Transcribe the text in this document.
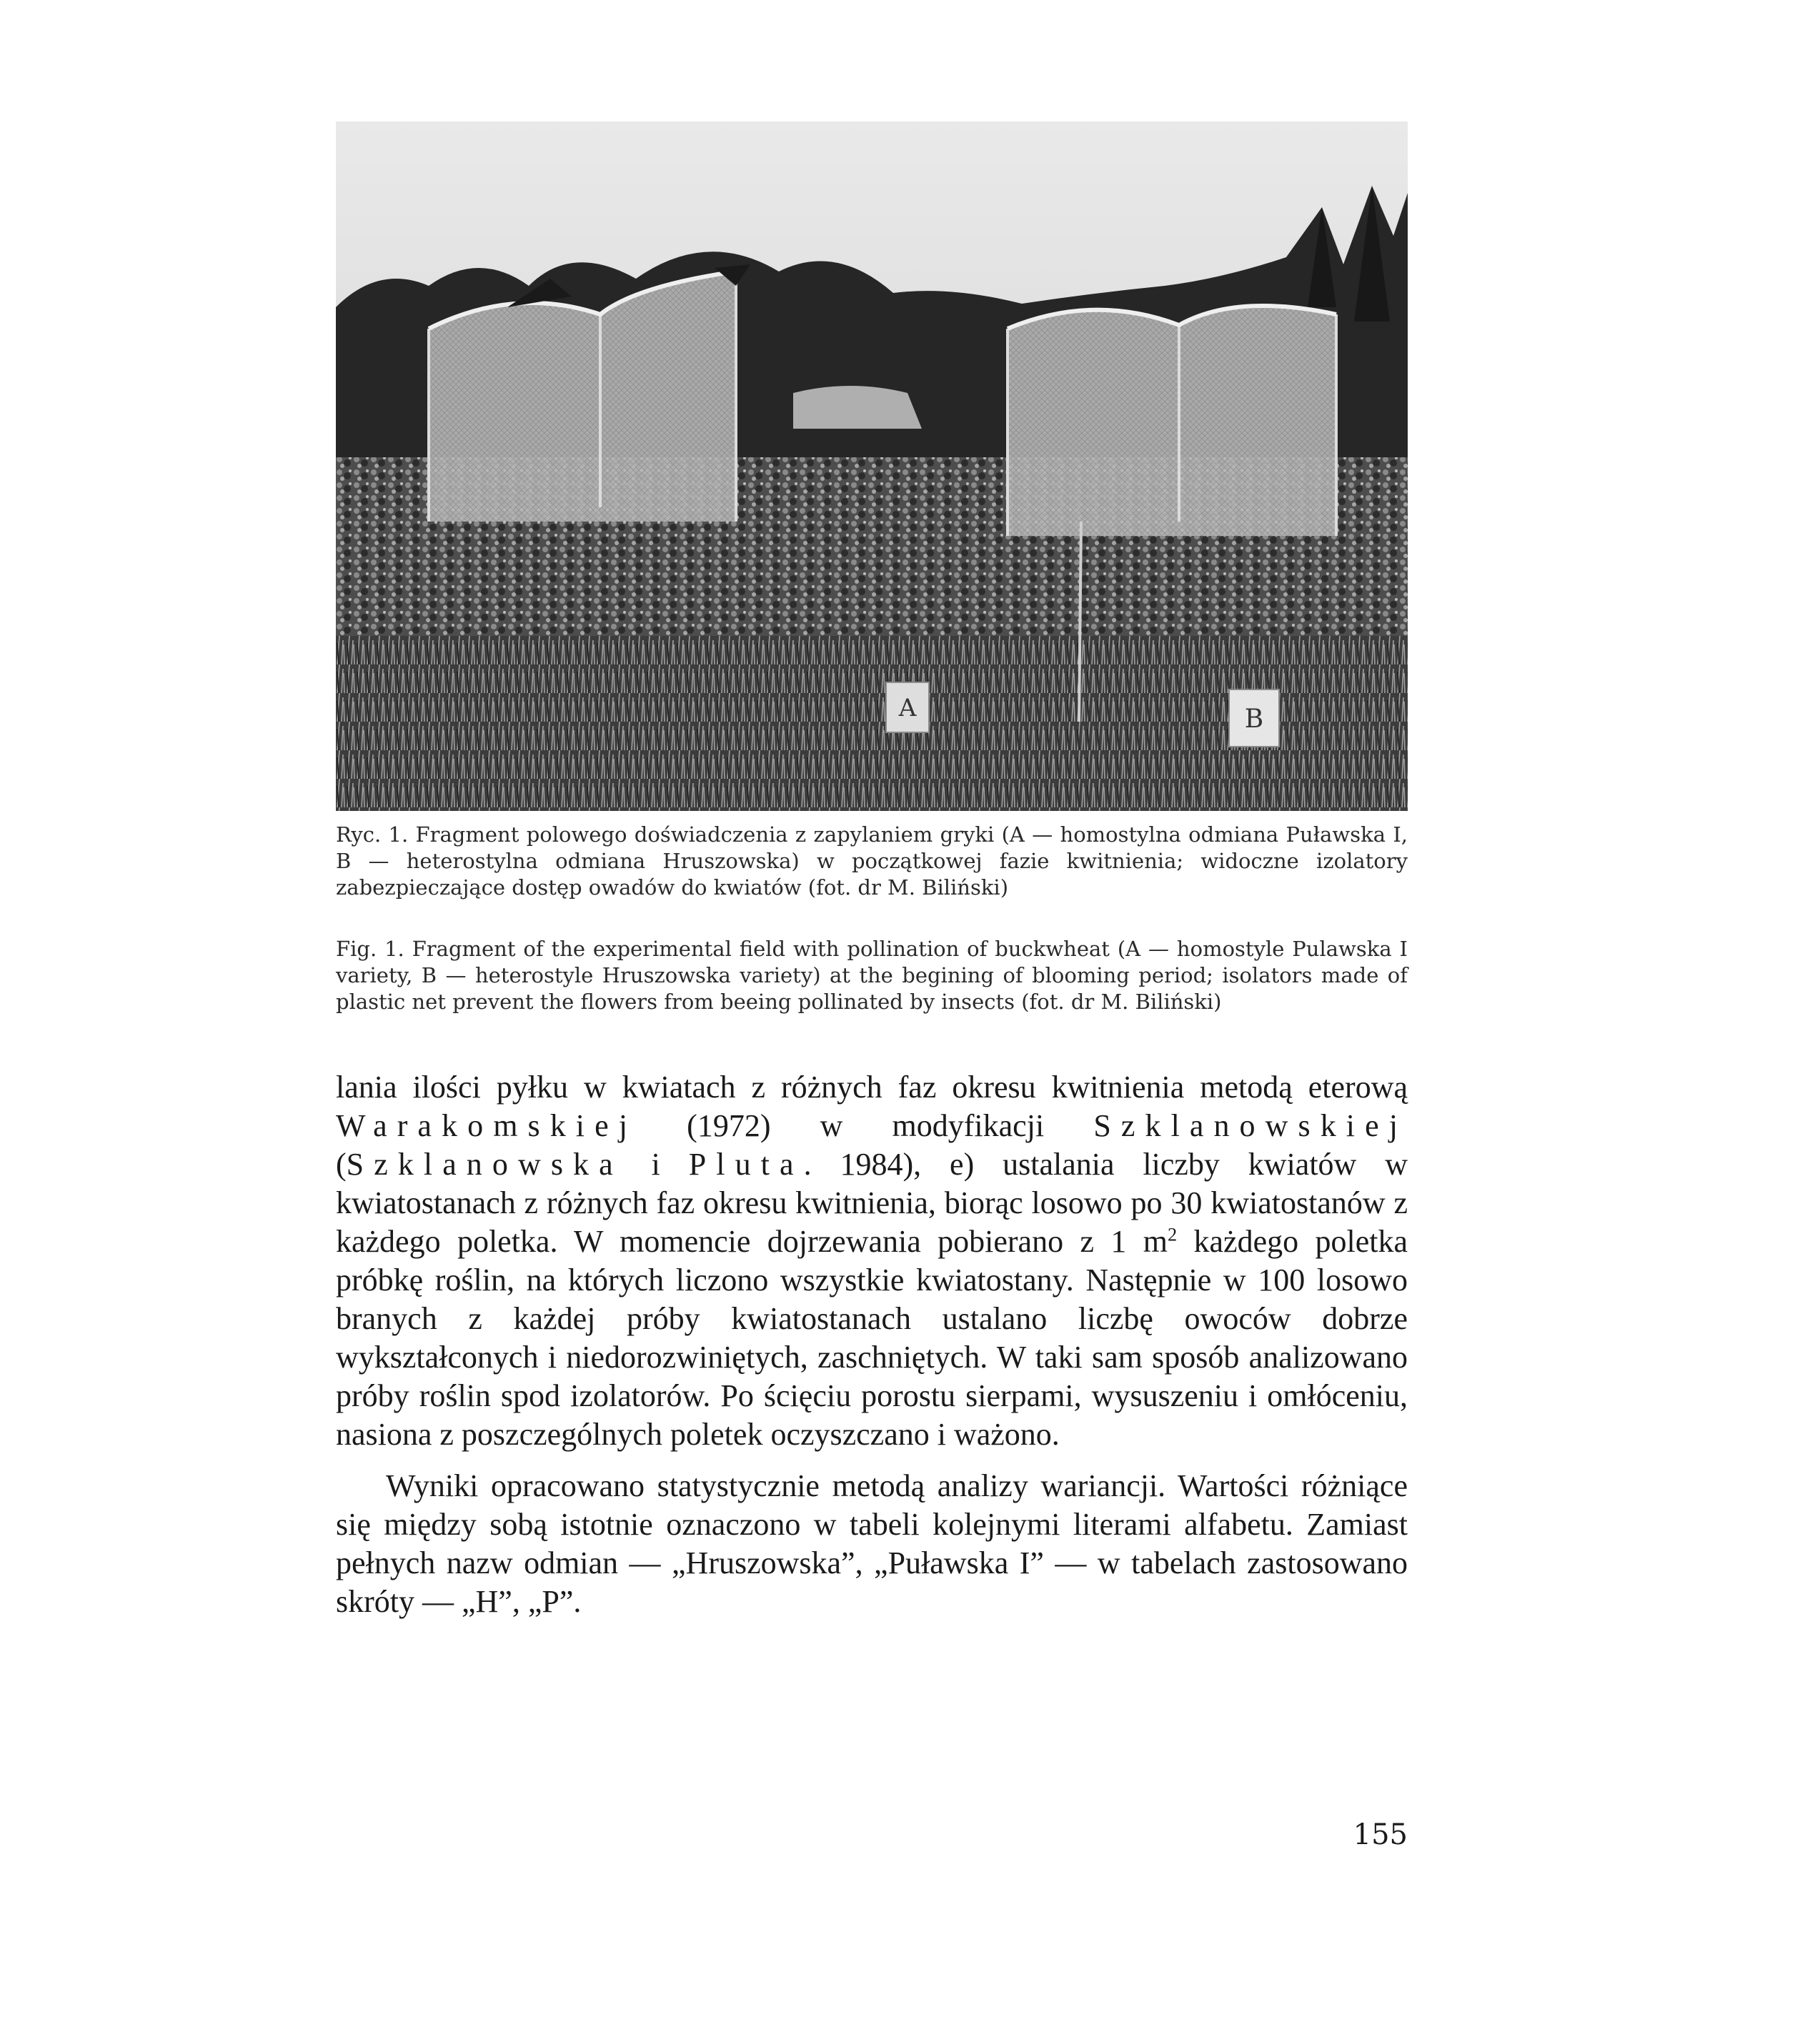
A	B

Ryc. 1. Fragment polowego doświadczenia z zapylaniem gryki (A — homostylna odmiana Puławska I, B — heterostylna odmiana Hruszowska) w początkowej fazie kwitnienia; widoczne izolatory zabezpieczające dostęp owadów do kwiatów (fot. dr M. Biliński)

Fig. 1. Fragment of the experimental field with pollination of buckwheat (A — homostyle Pulawska I variety, B — heterostyle Hruszowska variety) at the begining of blooming period; isolators made of plastic net prevent the flowers from beeing pollinated by insects (fot. dr M. Biliński)

lania ilości pyłku w kwiatach z różnych faz okresu kwitnienia metodą eterową Warakomskiej (1972) w modyfikacji Szklanowskiej (Szklanowska i Pluta. 1984), e) ustalania liczby kwiatów w kwiatostanach z różnych faz okresu kwitnienia, biorąc losowo po 30 kwiatostanów z każdego poletka. W momencie dojrzewania pobierano z 1 $m^2$ każdego poletka próbkę roślin, na których liczono wszystkie kwiatostany. Następnie w 100 losowo branych z każdej próby kwiatostanach ustalano liczbę owoców dobrze wykształconych i niedorozwiniętych, zaschniętych. W taki sam sposób analizowano próby roślin spod izolatorów. Po ścięciu porostu sierpami, wysuszeniu i omłóceniu, nasiona z poszczególnych poletek oczyszczano i ważono.

Wyniki opracowano statystycznie metodą analizy wariancji. Wartości różniące się między sobą istotnie oznaczono w tabeli kolejnymi literami alfabetu. Zamiast pełnych nazw odmian — „Hruszowska”, „Puławska I” — w tabelach zastosowano skróty — „H”, „P”.

155
